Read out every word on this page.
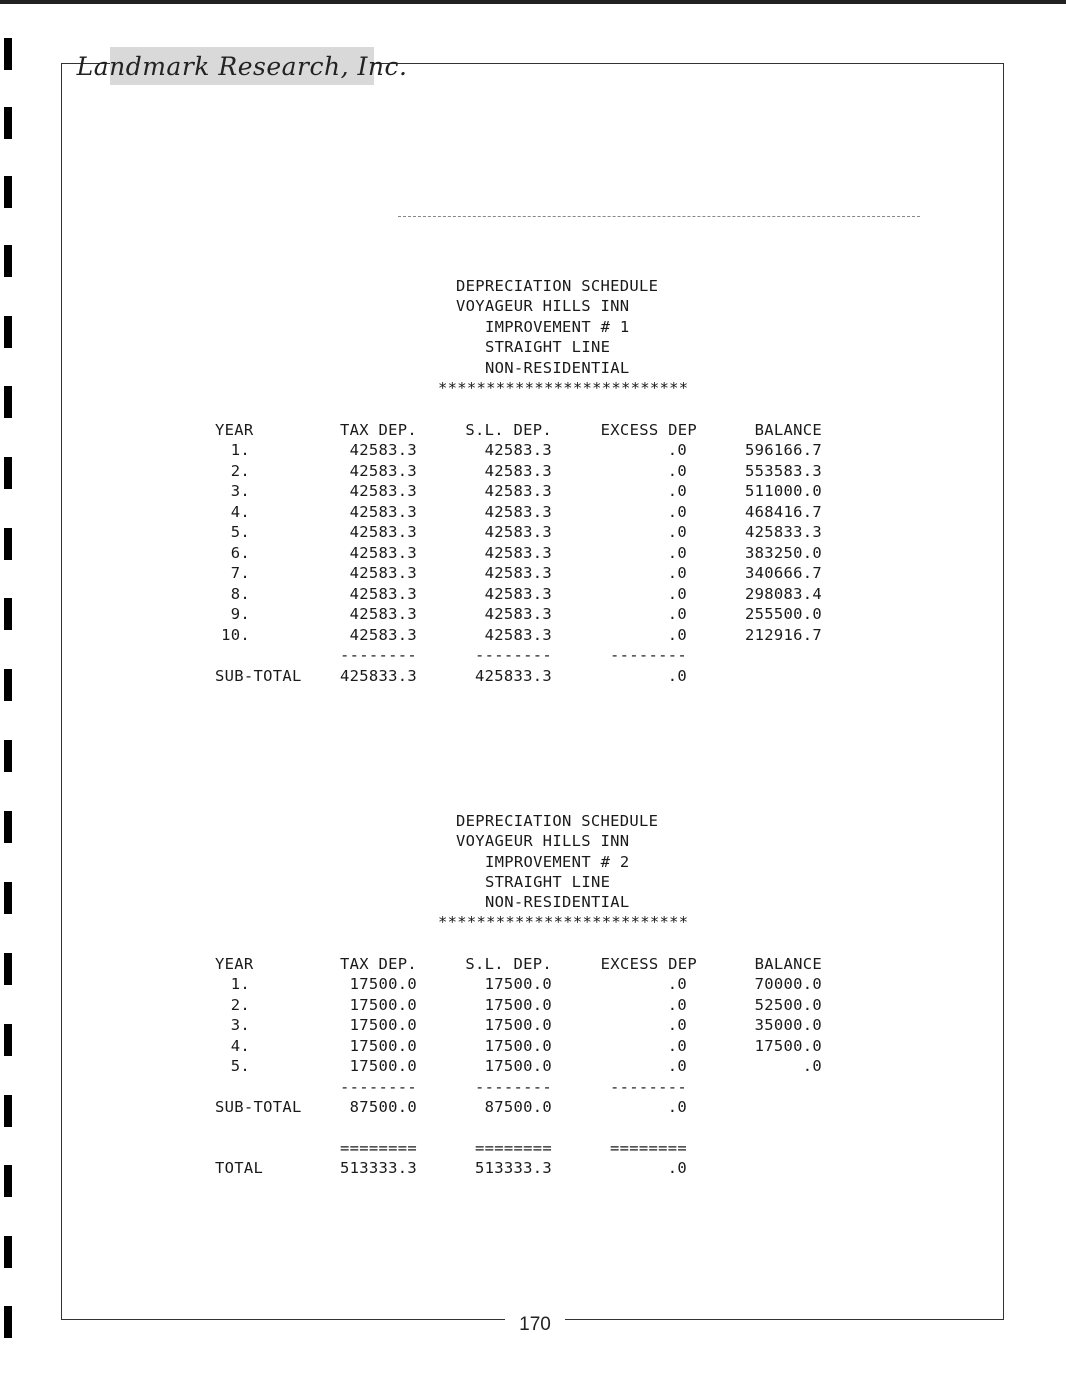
Landmark Research, Inc.
DEPRECIATION SCHEDULE
VOYAGEUR HILLS INN
IMPROVEMENT # 1
STRAIGHT LINE
NON-RESIDENTIAL
**************************
YEAR	TAX DEP.	S.L. DEP.	EXCESS DEP	BALANCE
1.	42583.3	42583.3	.0	596166.7
2.	42583.3	42583.3	.0	553583.3
3.	42583.3	42583.3	.0	511000.0
4.	42583.3	42583.3	.0	468416.7
5.	42583.3	42583.3	.0	425833.3
6.	42583.3	42583.3	.0	383250.0
7.	42583.3	42583.3	.0	340666.7
8.	42583.3	42583.3	.0	298083.4
9.	42583.3	42583.3	.0	255500.0
10.	42583.3	42583.3	.0	212916.7
--------	--------	--------
SUB-TOTAL	425833.3	425833.3	.0
DEPRECIATION SCHEDULE
VOYAGEUR HILLS INN
IMPROVEMENT # 2
STRAIGHT LINE
NON-RESIDENTIAL
**************************
YEAR	TAX DEP.	S.L. DEP.	EXCESS DEP	BALANCE
1.	17500.0	17500.0	.0	70000.0
2.	17500.0	17500.0	.0	52500.0
3.	17500.0	17500.0	.0	35000.0
4.	17500.0	17500.0	.0	17500.0
5.	17500.0	17500.0	.0	.0
--------	--------	--------
SUB-TOTAL	87500.0	87500.0	.0
========	========	========
TOTAL	513333.3	513333.3	.0
170
